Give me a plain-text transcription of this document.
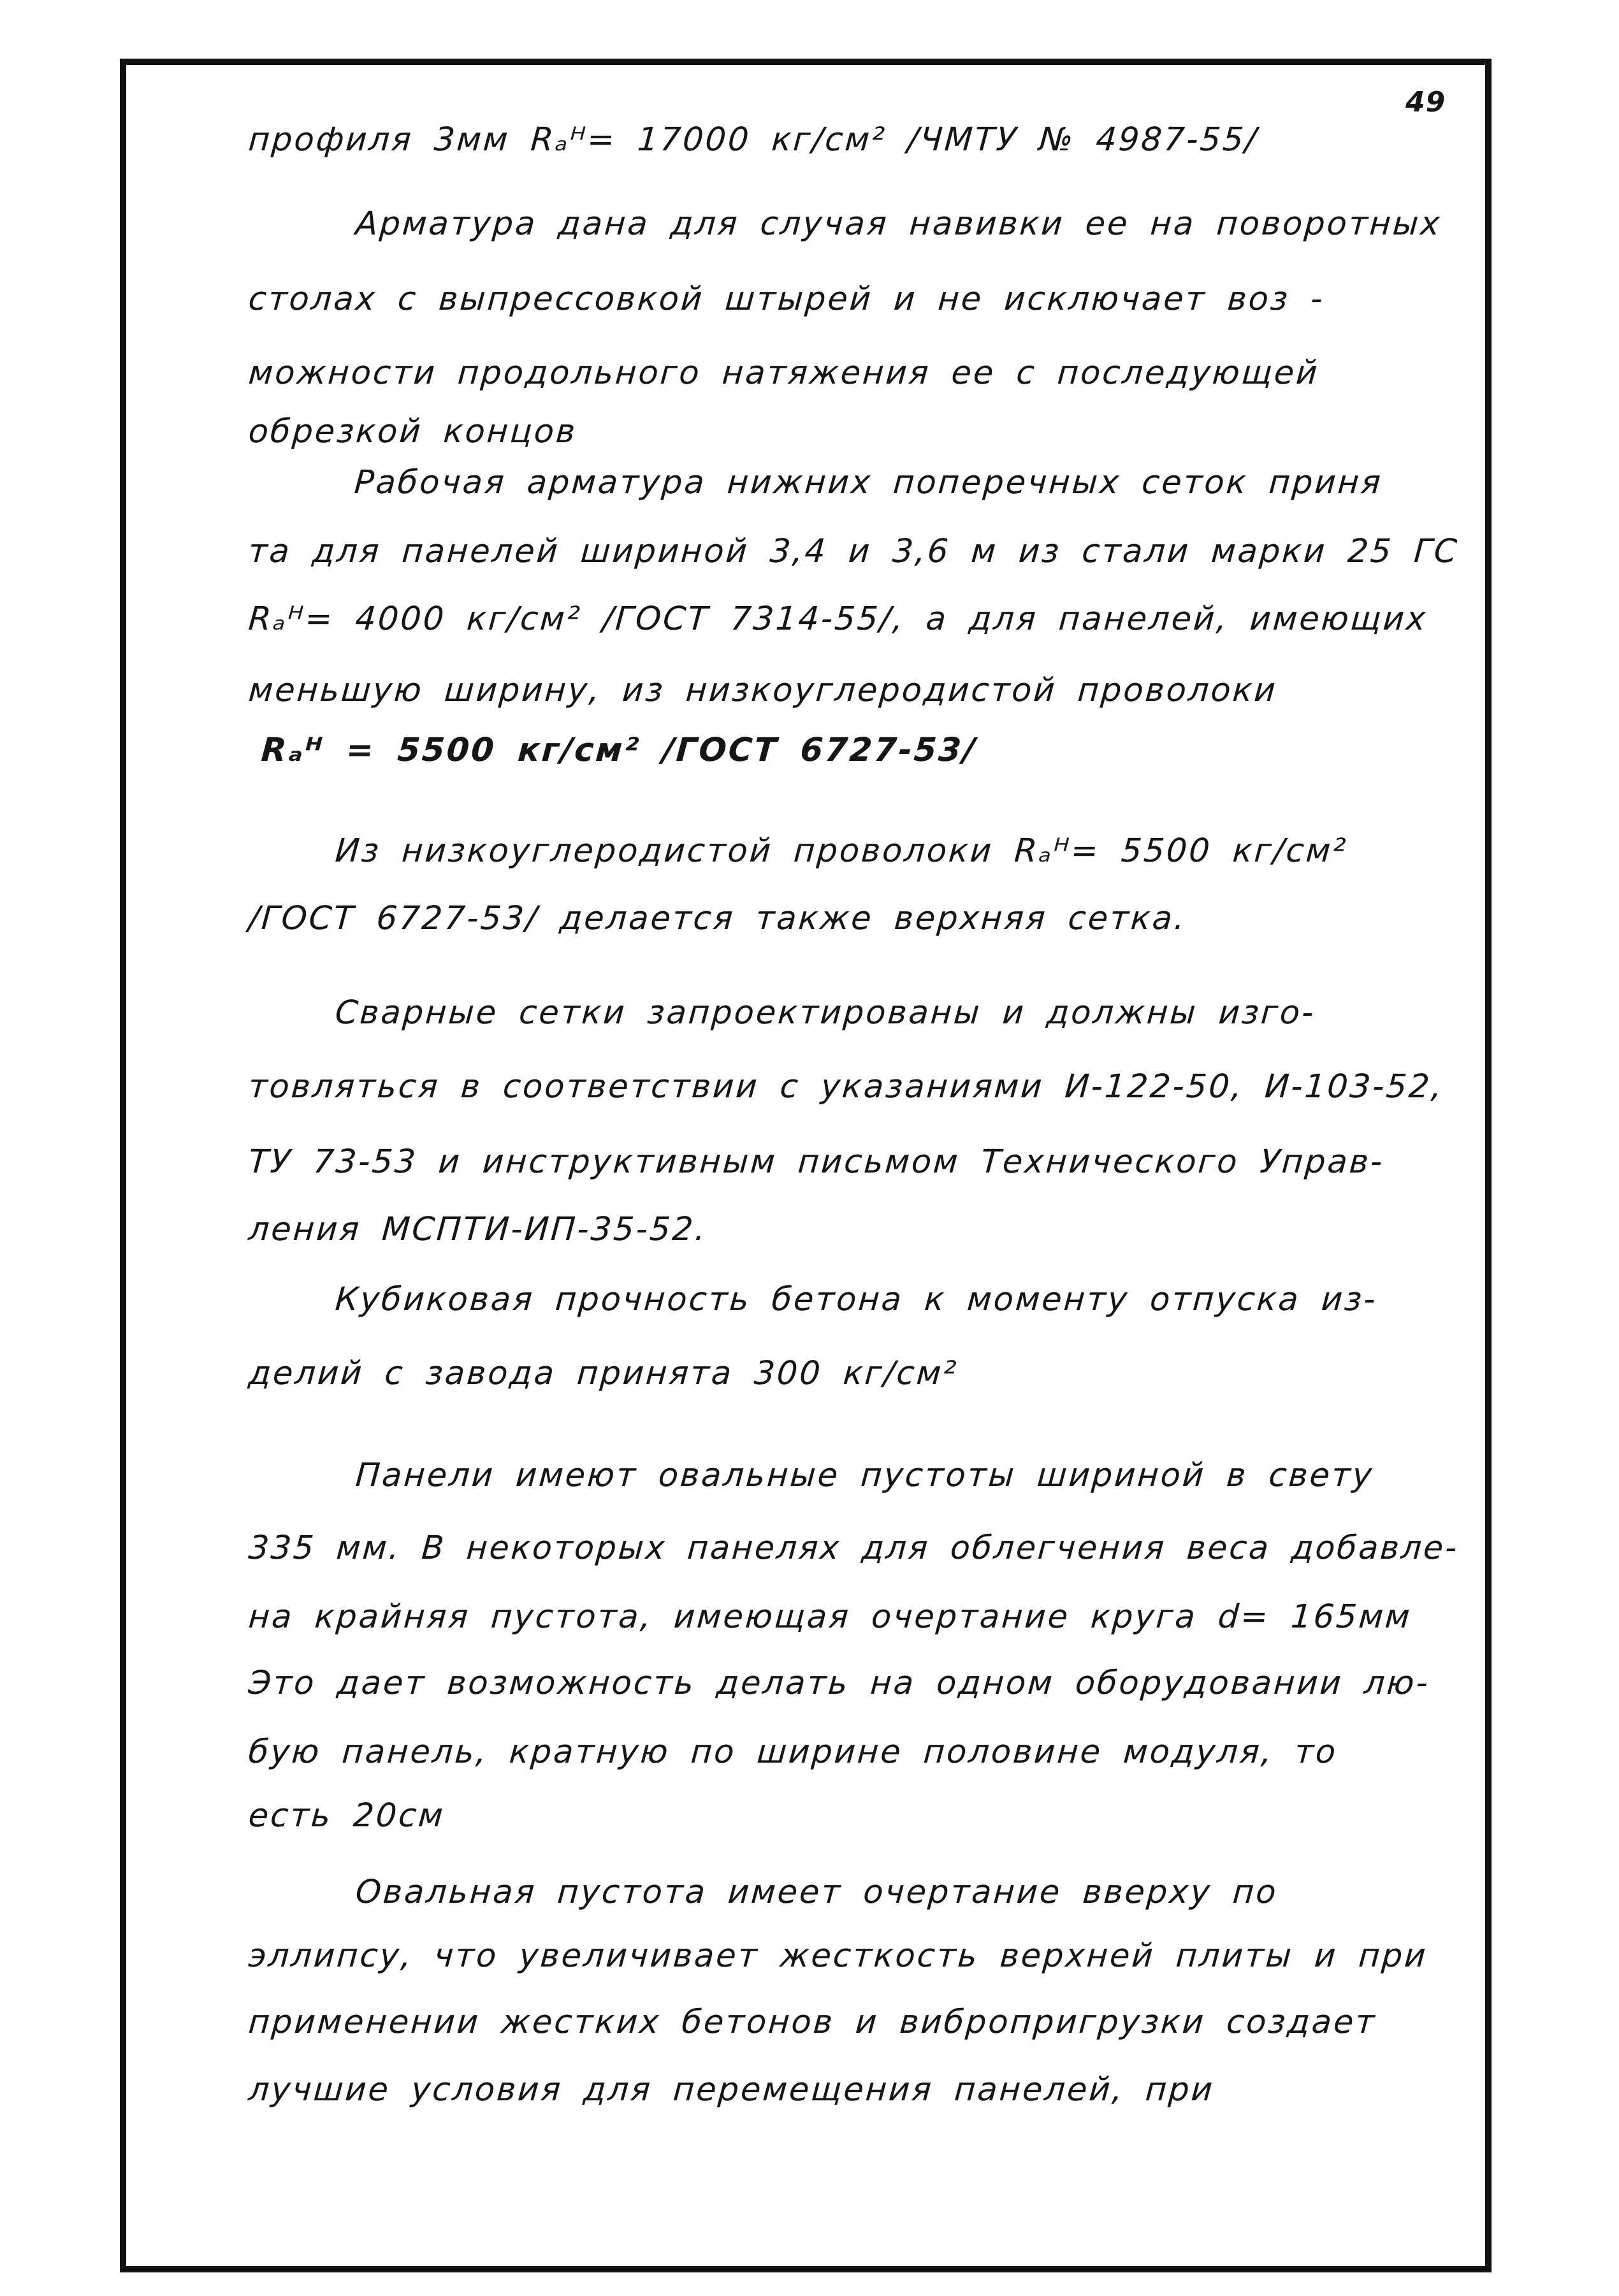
49
профиля 3мм Rₐᴴ= 17000 кг/см² /ЧМТУ № 4987-55/
Арматура дана для случая навивки ее на поворотных
столах с выпрессовкой штырей и не исключает воз -
можности продольного натяжения ее с последующей
обрезкой концов
Рабочая арматура нижних поперечных сеток приня
та для панелей шириной 3,4 и 3,6 м из стали марки 25 ГС
Rₐᴴ= 4000 кг/см² /ГОСТ 7314-55/, а для панелей, имеющих
меньшую ширину, из низкоуглеродистой проволоки
Rₐᴴ = 5500 кг/см² /ГОСТ 6727-53/
Из низкоуглеродистой проволоки Rₐᴴ= 5500 кг/см²
/ГОСТ 6727-53/ делается также верхняя сетка.
Сварные сетки запроектированы и должны изго-
товляться в соответствии с указаниями И-122-50, И-103-52,
ТУ 73-53 и инструктивным письмом Технического Управ-
ления МСПТИ-ИП-35-52.
Кубиковая прочность бетона к моменту отпуска из-
делий с завода принята 300 кг/см²
Панели имеют овальные пустоты шириной в свету
335 мм. В некоторых панелях для облегчения веса добавле-
на крайняя пустота, имеющая очертание круга d= 165мм
Это дает возможность делать на одном оборудовании лю-
бую панель, кратную по ширине половине модуля, то
есть 20см
Овальная пустота имеет очертание вверху по
эллипсу, что увеличивает жесткость верхней плиты и при
применении жестких бетонов и вибропригрузки создает
лучшие условия для перемещения панелей, при
